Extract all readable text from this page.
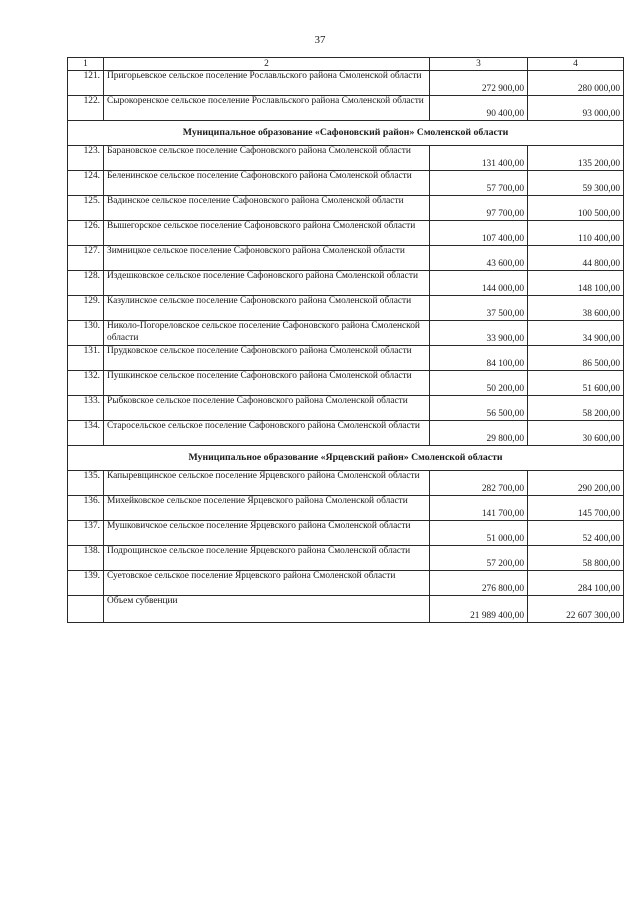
37
1	2	3	4
121.	Пригорьевское сельское поселение Рославльского района Смоленской области	272 900,00	280 000,00
122.	Сырокоренское сельское поселение Рославльского района Смоленской области	90 400,00	93 000,00
Муниципальное образование «Сафоновский район» Смоленской области			
123.	Барановское сельское поселение Сафоновского района Смоленской области	131 400,00	135 200,00
124.	Беленинское сельское поселение Сафоновского района Смоленской области	57 700,00	59 300,00
125.	Вадинское сельское поселение Сафоновского района Смоленской области	97 700,00	100 500,00
126.	Вышегорское сельское поселение Сафоновского района Смоленской области	107 400,00	110 400,00
127.	Зимницкое сельское поселение Сафоновского района Смоленской области	43 600,00	44 800,00
128.	Издешковское сельское поселение Сафоновского района Смоленской области	144 000,00	148 100,00
129.	Казулинское сельское поселение Сафоновского района Смоленской области	37 500,00	38 600,00
130.	Николо-Погореловское сельское поселение Сафоновского района Смоленской области	33 900,00	34 900,00
131.	Прудковское сельское поселение Сафоновского района Смоленской области	84 100,00	86 500,00
132.	Пушкинское сельское поселение Сафоновского района Смоленской области	50 200,00	51 600,00
133.	Рыбковское сельское поселение Сафоновского района Смоленской области	56 500,00	58 200,00
134.	Старосельское сельское поселение Сафоновского района Смоленской области	29 800,00	30 600,00
Муниципальное образование «Ярцевский район» Смоленской области			
135.	Капыревщинское сельское поселение Ярцевского района Смоленской области	282 700,00	290 200,00
136.	Михейковское сельское поселение Ярцевского района Смоленской области	141 700,00	145 700,00
137.	Мушковичское сельское поселение Ярцевского района Смоленской области	51 000,00	52 400,00
138.	Подрощинское сельское поселение Ярцевского района Смоленской области	57 200,00	58 800,00
139.	Суетовское сельское поселение Ярцевского района Смоленской области	276 800,00	284 100,00
	Объем субвенции	21 989 400,00	22 607 300,00
